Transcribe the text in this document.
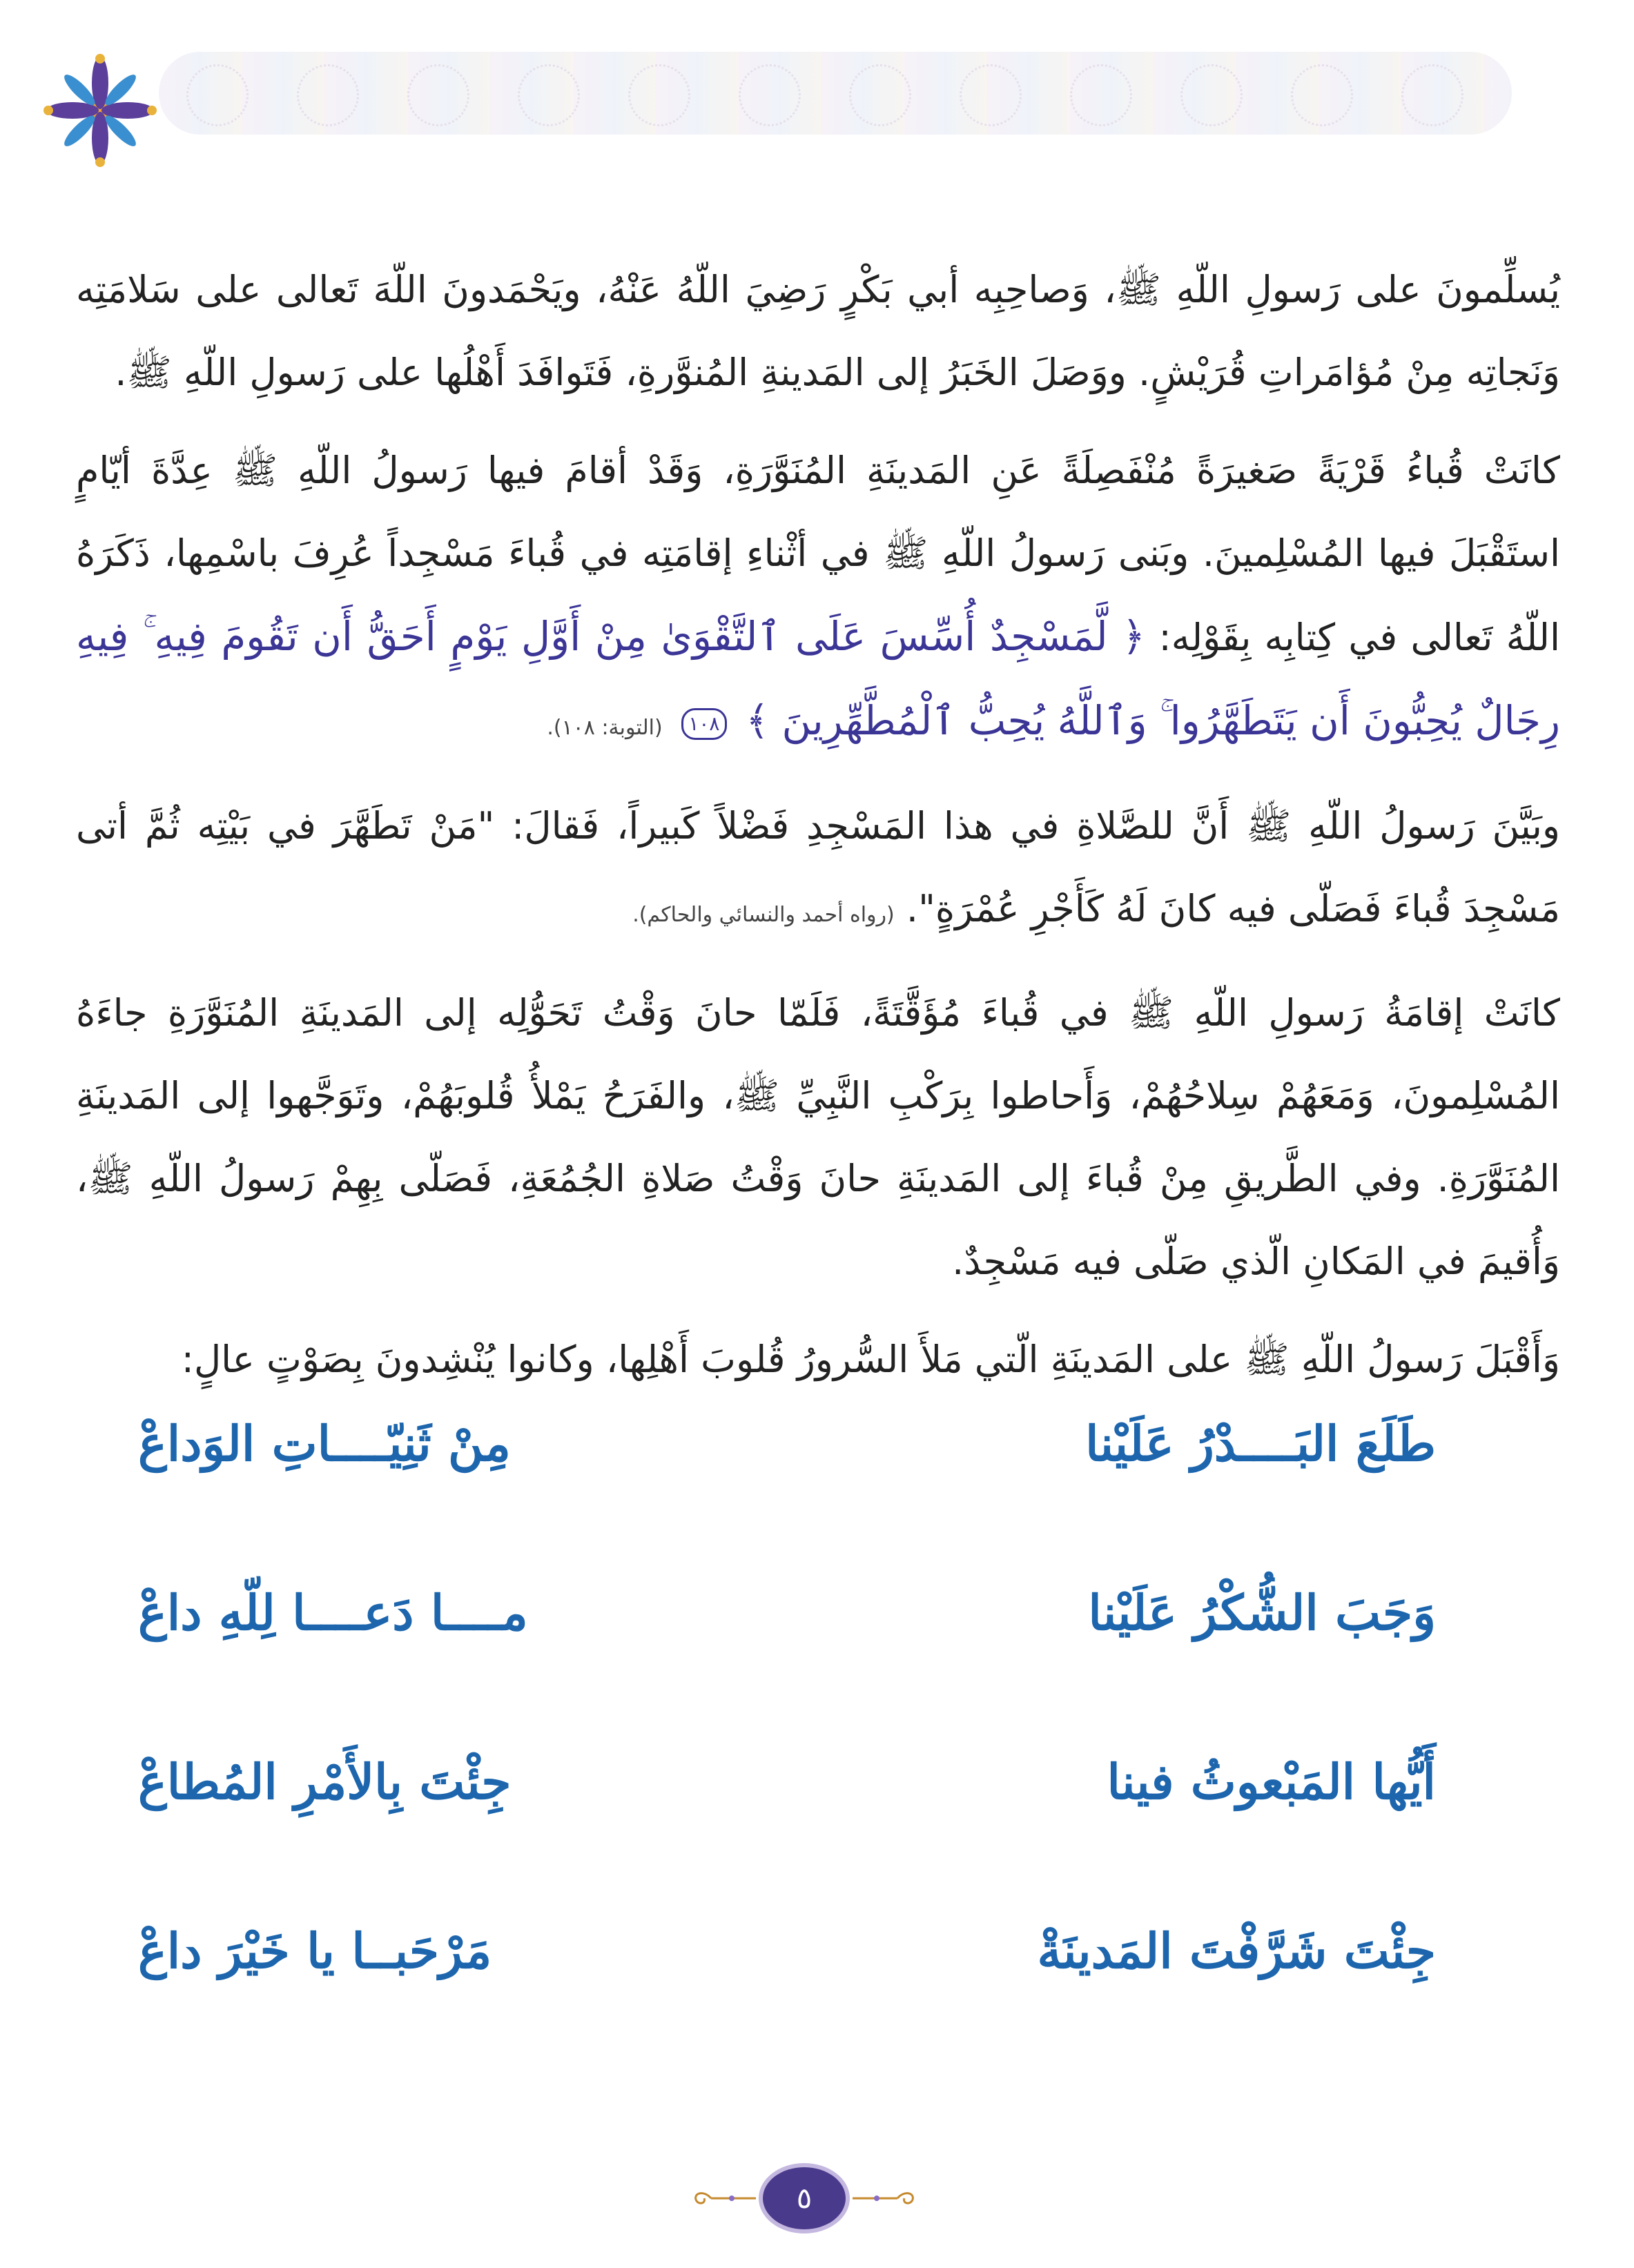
يُسلِّمونَ على رَسولِ اللّهِ ﷺ، وَصاحِبِه أبي بَكْرٍ رَضِيَ اللّهُ عَنْهُ، ويَحْمَدونَ اللّهَ تَعالى على سَلامَتِه وَنَجاتِه مِنْ مُؤامَراتِ قُرَيْشٍ. ووَصَلَ الخَبَرُ إلى المَدينةِ المُنوَّرةِ، فَتَوافَدَ أَهْلُها على رَسولِ اللّهِ ﷺ.

كانَتْ قُباءُ قَرْيَةً صَغيرَةً مُنْفَصِلَةً عَنِ المَدينَةِ المُنَوَّرَةِ، وَقَدْ أقامَ فيها رَسولُ اللّهِ ﷺ عِدَّةَ أيّامٍ استَقْبَلَ فيها المُسْلِمينَ. وبَنى رَسولُ اللّهِ ﷺ في أثْناءِ إقامَتِه في قُباءَ مَسْجِداً عُرِفَ باسْمِها، ذَكَرَهُ اللّهُ تَعالى في كِتابِه بِقَوْلِه: ﴿ لَّمَسْجِدٌ أُسِّسَ عَلَى ٱلتَّقْوَىٰ مِنْ أَوَّلِ يَوْمٍ أَحَقُّ أَن تَقُومَ فِيهِ ۚ فِيهِ رِجَالٌ يُحِبُّونَ أَن يَتَطَهَّرُوا ۚ وَٱللَّهُ يُحِبُّ ٱلْمُطَّهِّرِينَ ﴾ ١٠٨ (التوبة: ١٠٨).

وبَيَّنَ رَسولُ اللّهِ ﷺ أَنَّ للصَّلاةِ في هذا المَسْجِدِ فَضْلاً كَبيراً، فَقالَ: "مَنْ تَطَهَّرَ في بَيْتِه ثُمَّ أتى مَسْجِدَ قُباءَ فَصَلّى فيه كانَ لَهُ كَأَجْرِ عُمْرَةٍ". (رواه أحمد والنسائي والحاكم).

كانَتْ إقامَةُ رَسولِ اللّهِ ﷺ في قُباءَ مُؤَقَّتَةً، فَلَمّا حانَ وَقْتُ تَحَوُّلِه إلى المَدينَةِ المُنَوَّرَةِ جاءَهُ المُسْلِمونَ، وَمَعَهُمْ سِلاحُهُمْ، وَأَحاطوا بِرَكْبِ النَّبِيِّ ﷺ، والفَرَحُ يَمْلأُ قُلوبَهُمْ، وتَوَجَّهوا إلى المَدينَةِ المُنَوَّرَةِ. وفي الطَّريقِ مِنْ قُباءَ إلى المَدينَةِ حانَ وَقْتُ صَلاةِ الجُمُعَةِ، فَصَلّى بِهِمْ رَسولُ اللّهِ ﷺ، وَأُقيمَ في المَكانِ الّذي صَلّى فيه مَسْجِدٌ.

وَأَقْبَلَ رَسولُ اللّهِ ﷺ على المَدينَةِ الّتي مَلأَ السُّرورُ قُلوبَ أَهْلِها، وكانوا يُنْشِدونَ بِصَوْتٍ عالٍ:

طَلَعَ البَــــدْرُ عَلَيْنا
مِنْ ثَنِيّــــاتِ الوَداعْ
وَجَبَ الشُّكْرُ عَلَيْنا
مــــا دَعــــا لِلّهِ داعْ
أَيُّها المَبْعوثُ فينا
جِئْتَ بِالأَمْرِ المُطاعْ
جِئْتَ شَرَّفْتَ المَدينَةْ
مَرْحَبــا يا خَيْرَ داعْ
٥
